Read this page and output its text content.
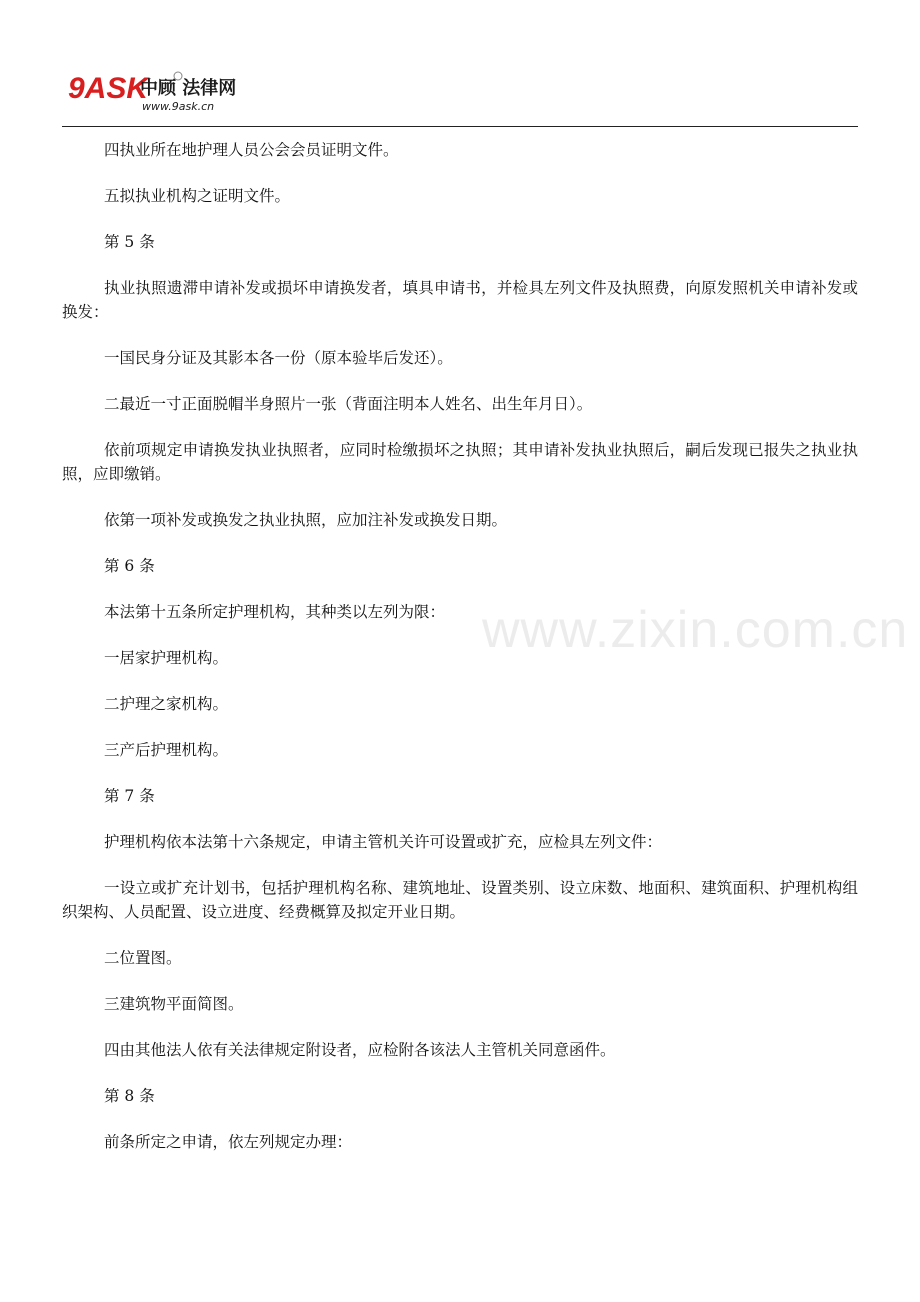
9ASK
中顾 法律网
www.9ask.cn
www.zixin.com.cn

四执业所在地护理人员公会会员证明文件。

五拟执业机构之证明文件。

第 5 条

执业执照遗滞申请补发或损坏申请换发者，填具申请书，并检具左列文件及执照费，向原发照机关申请补发或换发：

一国民身分证及其影本各一份（原本验毕后发还）。

二最近一寸正面脱帽半身照片一张（背面注明本人姓名、出生年月日）。

依前项规定申请换发执业执照者，应同时检缴损坏之执照；其申请补发执业执照后，嗣后发现已报失之执业执照，应即缴销。

依第一项补发或换发之执业执照，应加注补发或换发日期。

第 6 条

本法第十五条所定护理机构，其种类以左列为限：

一居家护理机构。

二护理之家机构。

三产后护理机构。

第 7 条

护理机构依本法第十六条规定，申请主管机关许可设置或扩充，应检具左列文件：

一设立或扩充计划书，包括护理机构名称、建筑地址、设置类别、设立床数、地面积、建筑面积、护理机构组织架构、人员配置、设立进度、经费概算及拟定开业日期。

二位置图。

三建筑物平面简图。

四由其他法人依有关法律规定附设者，应检附各该法人主管机关同意函件。

第 8 条

前条所定之申请，依左列规定办理：
